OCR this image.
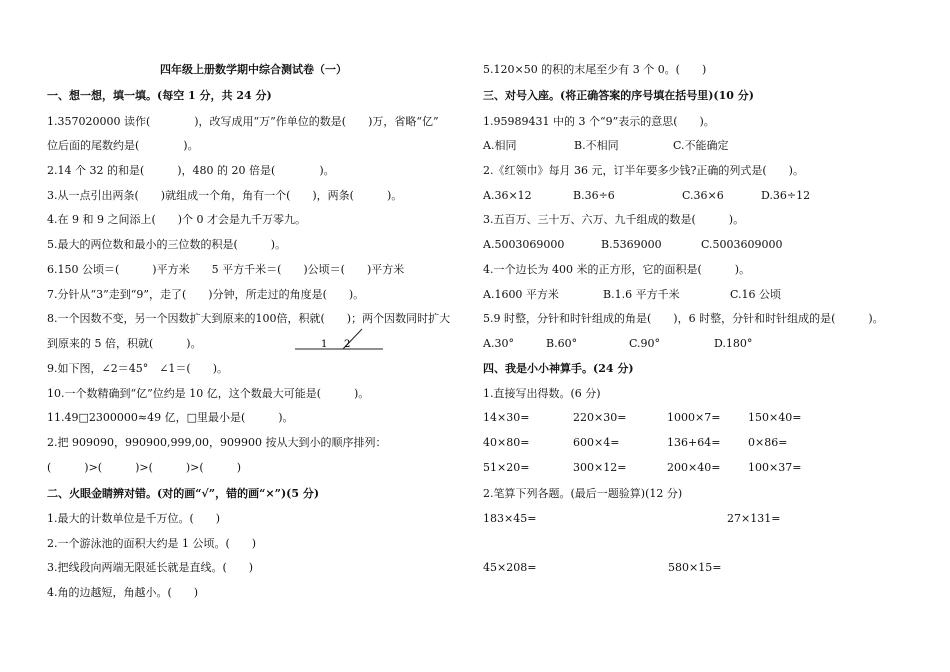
四年级上册数学期中综合测试卷（一）
一、想一想，填一填。(每空 1 分，共 24 分)
1.357020000 读作(　　　　)，改写成用“万”作单位的数是(　　)万，省略“亿”
位后面的尾数约是(　　　　)。
2.14 个 32 的和是(　　　)，480 的 20 倍是(　　　　)。
3.从一点引出两条(　　)就组成一个角，角有一个(　　)，两条(　　　)。
4.在 9 和 9 之间添上(　　)个 0 才会是九千万零九。
5.最大的两位数和最小的三位数的积是(　　　)。
6.150 公顷＝(　　　)平方米　　5 平方千米＝(　　)公顷＝(　　)平方米
7.分针从“3”走到“9”，走了(　　)分钟，所走过的角度是(　　)。
8.一个因数不变，另一个因数扩大到原来的100倍，积就(　　)；两个因数同时扩大
到原来的 5 倍，积就(　　　)。	1 2
9.如下图，∠2＝45°　∠1＝(　　)。
10.一个数精确到“亿”位约是 10 亿，这个数最大可能是(　　　)。
11.49□2300000≈49 亿，□里最小是(　　　)。
2.把 909090，990900,999,00，909900 按从大到小的顺序排列：
(　　　)>(　　　)>(　　　)>(　　　)
二、火眼金睛辨对错。(对的画“√”，错的画“×”)(5 分)
1.最大的计数单位是千万位。(　　)
2.一个游泳池的面积大约是 1 公顷。(　　)
3.把线段向两端无限延长就是直线。(　　)
4.角的边越短，角越小。(　　)
5.120×50 的积的末尾至少有 3 个 0。(　　)
三、对号入座。(将正确答案的序号填在括号里)(10 分)
1.95989431 中的 3 个“9”表示的意思(　　)。
A.相同	B.不相同	C.不能确定
2.《红领巾》每月 36 元，订半年要多少钱?正确的列式是(　　)。
A.36×12	B.36÷6	C.36×6	D.36÷12
3.五百万、三十万、六万、九千组成的数是(　　　)。
A.5003069000	B.5369000	C.5003609000
4.一个边长为 400 米的正方形，它的面积是(　　　)。
A.1600 平方米	B.1.6 平方千米	C.16 公顷
5.9 时整，分针和时针组成的角是(　　)，6 时整，分针和时针组成的是(　　　)。
A.30°	B.60°	C.90°	D.180°
四、我是小小神算手。(24 分)
1.直接写出得数。(6 分)
14×30=	220×30=	1000×7=	150×40=
40×80=	600×4=	136+64=	0×86=
51×20=	300×12=	200×40=	100×37=
2.笔算下列各题。(最后一题验算)(12 分)
183×45=	27×131=
45×208=	580×15=
